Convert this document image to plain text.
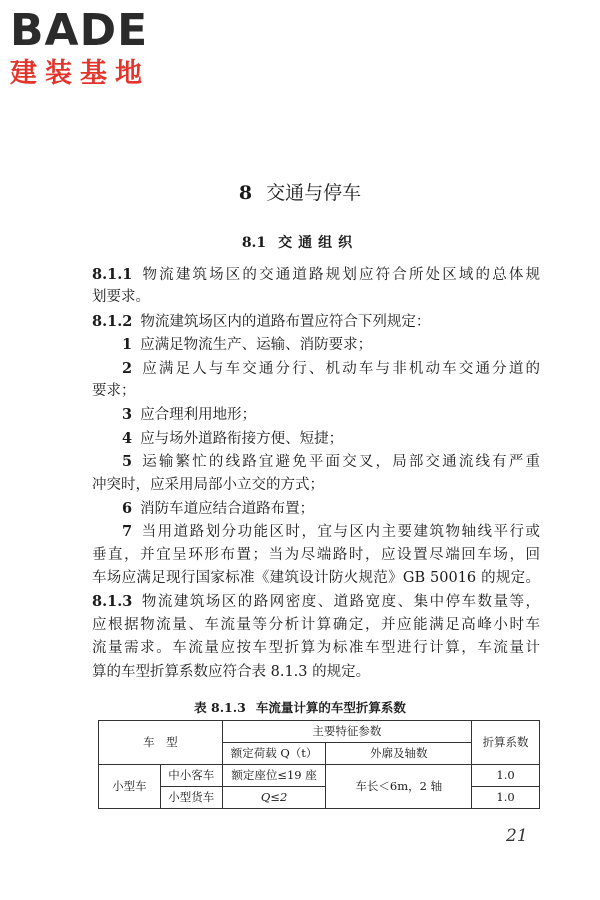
BADE
建装基地
8 交通与停车
8.1 交通组织
8.1.1 物流建筑场区的交通道路规划应符合所处区域的总体规
划要求。
8.1.2 物流建筑场区内的道路布置应符合下列规定：
1 应满足物流生产、运输、消防要求；
2 应满足人与车交通分行、机动车与非机动车交通分道的
要求；
3 应合理利用地形；
4 应与场外道路衔接方便、短捷；
5 运输繁忙的线路宜避免平面交叉，局部交通流线有严重
冲突时，应采用局部小立交的方式；
6 消防车道应结合道路布置；
7 当用道路划分功能区时，宜与区内主要建筑物轴线平行或
垂直，并宜呈环形布置；当为尽端路时，应设置尽端回车场，回
车场应满足现行国家标准《建筑设计防火规范》GB 50016 的规定。
8.1.3 物流建筑场区的路网密度、道路宽度、集中停车数量等，
应根据物流量、车流量等分析计算确定，并应能满足高峰小时车
流量需求。车流量应按车型折算为标准车型进行计算，车流量计
算的车型折算系数应符合表 8.1.3 的规定。
表 8.1.3 车流量计算的车型折算系数
车　型		主要特征参数		折算系数
		额定荷载 Q（t）	外廓及轴数	
小型车	中小客车	额定座位≤19 座	车长＜6m，2 轴	1.0
	小型货车	Q≤2		1.0
21
